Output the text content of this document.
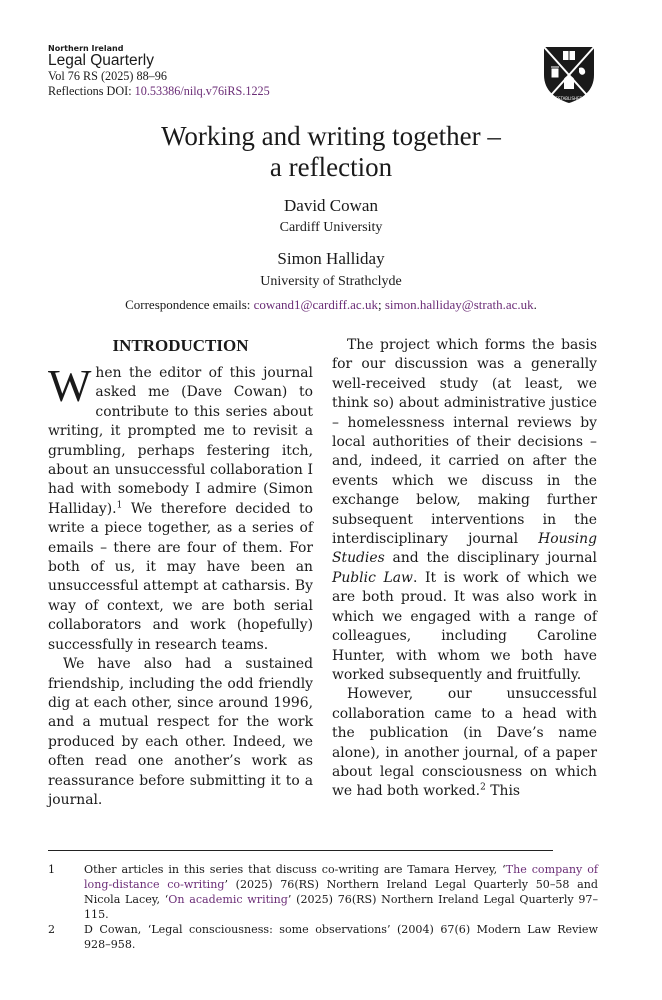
Northern Ireland
Legal Quarterly
Vol 76 RS (2025) 88–96
Reflections DOI: 10.53386/nilq.v76iRS.1225
ESTABLISHED
Working and writing together –
a reflection
David Cowan
Cardiff University
Simon Halliday
University of Strathclyde
Correspondence emails: cowand1@cardiff.ac.uk; simon.halliday@strath.ac.uk.
INTRODUCTION

When the editor of this journal asked me (Dave Cowan) to contribute to this series about writing, it prompted me to revisit a grumbling, perhaps festering itch, about an unsuccessful collaboration I had with somebody I admire (Simon Halliday).$^1$ We therefore decided to write a piece together, as a series of emails – there are four of them. For both of us, it may have been an unsuccessful attempt at catharsis. By way of context, we are both serial collaborators and work (hopefully) successfully in research teams.

We have also had a sustained friendship, including the odd friendly dig at each other, since around 1996, and a mutual respect for the work produced by each other. Indeed, we often read one another’s work as reassurance before submitting it to a journal.

The project which forms the basis for our discussion was a generally well-received study (at least, we think so) about administrative justice – homelessness internal reviews by local authorities of their decisions – and, indeed, it carried on after the events which we discuss in the exchange below, making further subsequent interventions in the interdisciplinary journal Housing Studies and the disciplinary journal Public Law. It is work of which we are both proud. It was also work in which we engaged with a range of colleagues, including Caroline Hunter, with whom we both have worked subsequently and fruitfully.

However, our unsuccessful collaboration came to a head with the publication (in Dave’s name alone), in another journal, of a paper about legal consciousness on which we had both worked.$^2$ This

1	Other articles in this series that discuss co-writing are Tamara Hervey, ‘The company of long-distance co-writing’ (2025) 76(RS) Northern Ireland Legal Quarterly 50–58 and Nicola Lacey, ‘On academic writing’ (2025) 76(RS) Northern Ireland Legal Quarterly 97–115.
2	D Cowan, ‘Legal consciousness: some observations’ (2004) 67(6) Modern Law Review 928–958.
